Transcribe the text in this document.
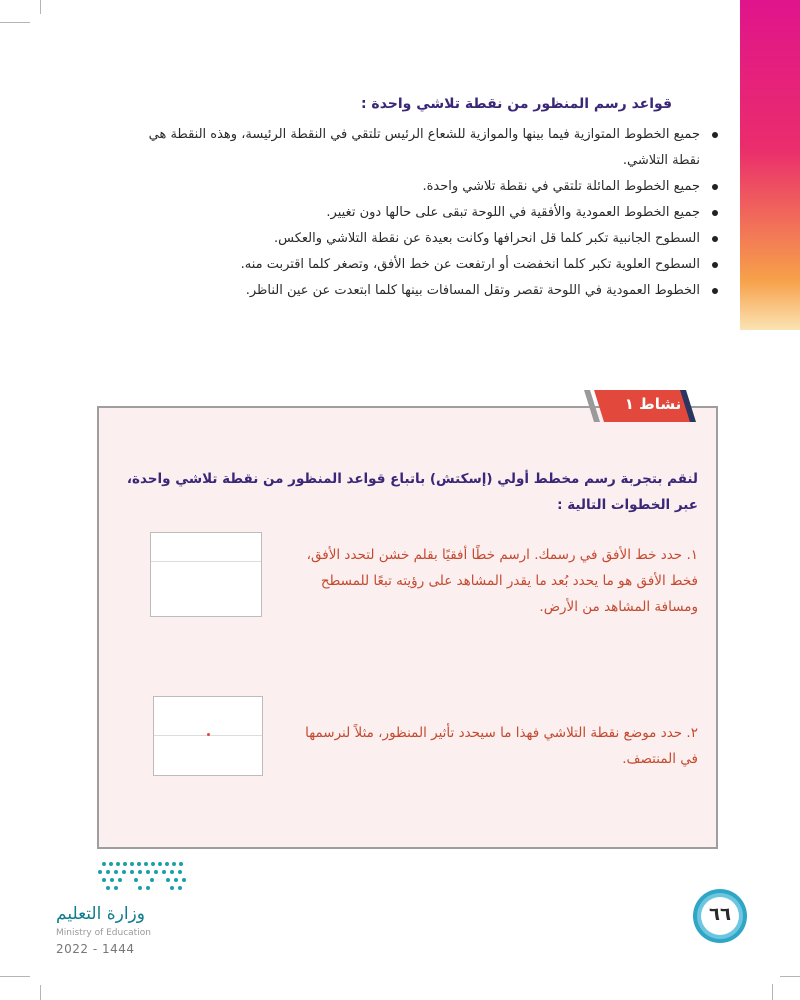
قواعد رسم المنظور من نقطة تلاشي واحدة :
جميع الخطوط المتوازية فيما بينها والموازية للشعاع الرئيس تلتقي في النقطة الرئيسة، وهذه النقطة هي نقطة التلاشي.
جميع الخطوط المائلة تلتقي في نقطة تلاشي واحدة.
جميع الخطوط العمودية والأفقية في اللوحة تبقى على حالها دون تغيير.
السطوح الجانبية تكبر كلما قل انحرافها وكانت بعيدة عن نقطة التلاشي والعكس.
السطوح العلوية تكبر كلما انخفضت أو ارتفعت عن خط الأفق، وتصغر كلما اقتربت منه.
الخطوط العمودية في اللوحة تقصر وتقل المسافات بينها كلما ابتعدت عن عين الناظر.
لنقم بتجربة رسم مخطط أولي (إسكتش) باتباع قواعد المنظور من نقطة تلاشي واحدة، عبر الخطوات التالية :
١. حدد خط الأفق في رسمك. ارسم خطًا أفقيًا بقلم خشن لتحدد الأفق، فخط الأفق هو ما يحدد بُعد ما يقدر المشاهد على رؤيته تبعًا للمسطح ومسافة المشاهد من الأرض.
٢. حدد موضع نقطة التلاشي فهذا ما سيحدد تأثير المنظور، مثلاً لنرسمها في المنتصف.
نشاط ١
وزارة التعليم
Ministry of Education
2022 - 1444
٦٦
